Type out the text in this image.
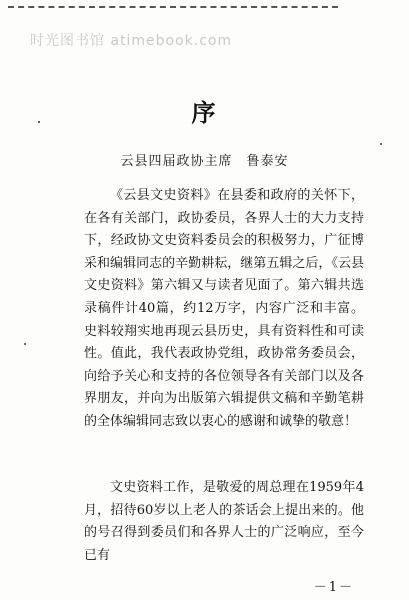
时光图书馆 atimebook.com
序
云县四届政协主席　鲁泰安

《云县文史资料》在县委和政府的关怀下，在各有关部门，政协委员，各界人士的大力支持下，经政协文史资料委员会的积极努力，广征博采和编辑同志的辛勤耕耘，继第五辑之后，《云县文史资料》第六辑又与读者见面了。第六辑共选录稿件计40篇，约12万字，内容广泛和丰富。史料较翔实地再现云县历史，具有资料性和可读性。值此，我代表政协党组，政协常务委员会，向给予关心和支持的各位领导各有关部门以及各界朋友，并向为出版第六辑提供文稿和辛勤笔耕的全体编辑同志致以衷心的感谢和诚挚的敬意！

文史资料工作，是敬爱的周总理在1959年4月，招待60岁以上老人的茶话会上提出来的。他的号召得到委员们和各界人士的广泛响应，至今已有

－1－
